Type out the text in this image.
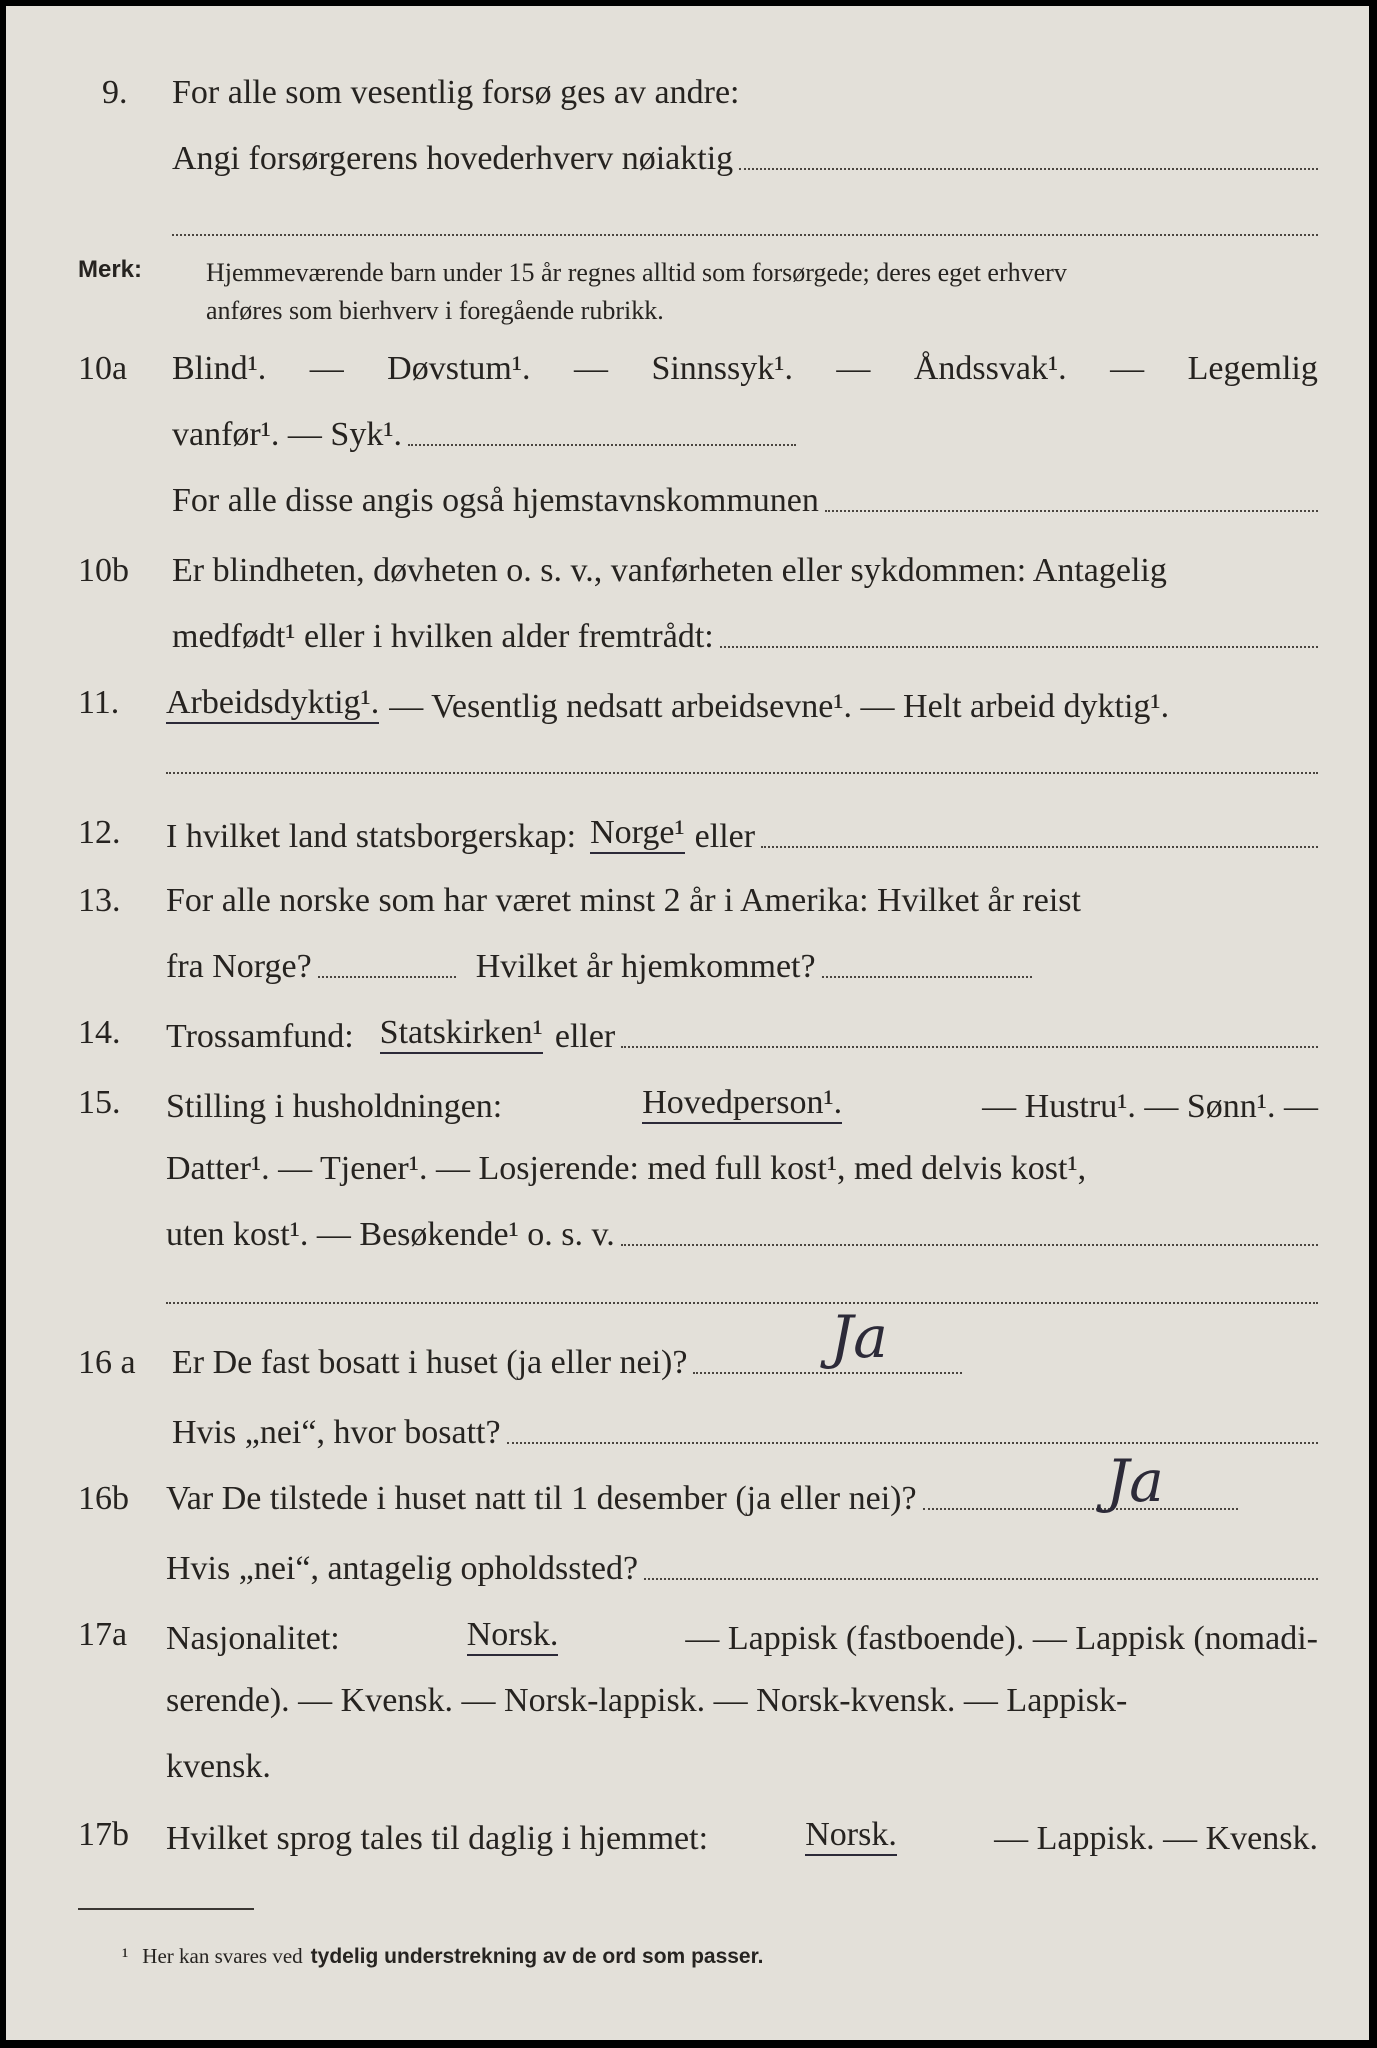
9. For alle som vesentlig forsø ges av andre:
Angi forsørgerens hovederhverv nøiaktig
Merk: Hjemmeværende barn under 15 år regnes alltid som forsørgede; deres eget erhverv
anføres som bierhverv i foregående rubrikk.
10a Blind¹. — Døvstum¹. — Sinnssyk¹. — Åndssvak¹. — Legemlig
vanfør¹. — Syk¹.
For alle disse angis også hjemstavnskommunen
10b Er blindheten, døvheten o. s. v., vanførheten eller sykdommen: Antagelig
medfødt¹ eller i hvilken alder fremtrådt:
11. Arbeidsdyktig¹. — Vesentlig nedsatt arbeidsevne¹. — Helt arbeid dyktig¹.
12. I hvilket land statsborgerskap: Norge¹ eller
13. For alle norske som har været minst 2 år i Amerika: Hvilket år reist
fra Norge?	Hvilket år hjemkommet?
14. Trossamfund: Statskirken¹ eller
15. Stilling i husholdningen:	Hovedperson¹.	— Hustru¹. — Sønn¹. —
Datter¹. — Tjener¹. — Losjerende: med full kost¹, med delvis kost¹,
uten kost¹. — Besøkende¹ o. s. v.
16 a Er De fast bosatt i huset (ja eller nei)? Ja
Hvis „nei“, hvor bosatt?
16b Var De tilstede i huset natt til 1 desember (ja eller nei)?	Ja
Hvis „nei“, antagelig opholdssted?
17a Nasjonalitet:	Norsk.	— Lappisk (fastboende). — Lappisk (nomadi-
serende). — Kvensk. — Norsk-lappisk. — Norsk-kvensk. — Lappisk-
kvensk.
17b Hvilket sprog tales til daglig i hjemmet:	Norsk.	— Lappisk. — Kvensk.
¹ Her kan svares ved tydelig understrekning av de ord som passer.
